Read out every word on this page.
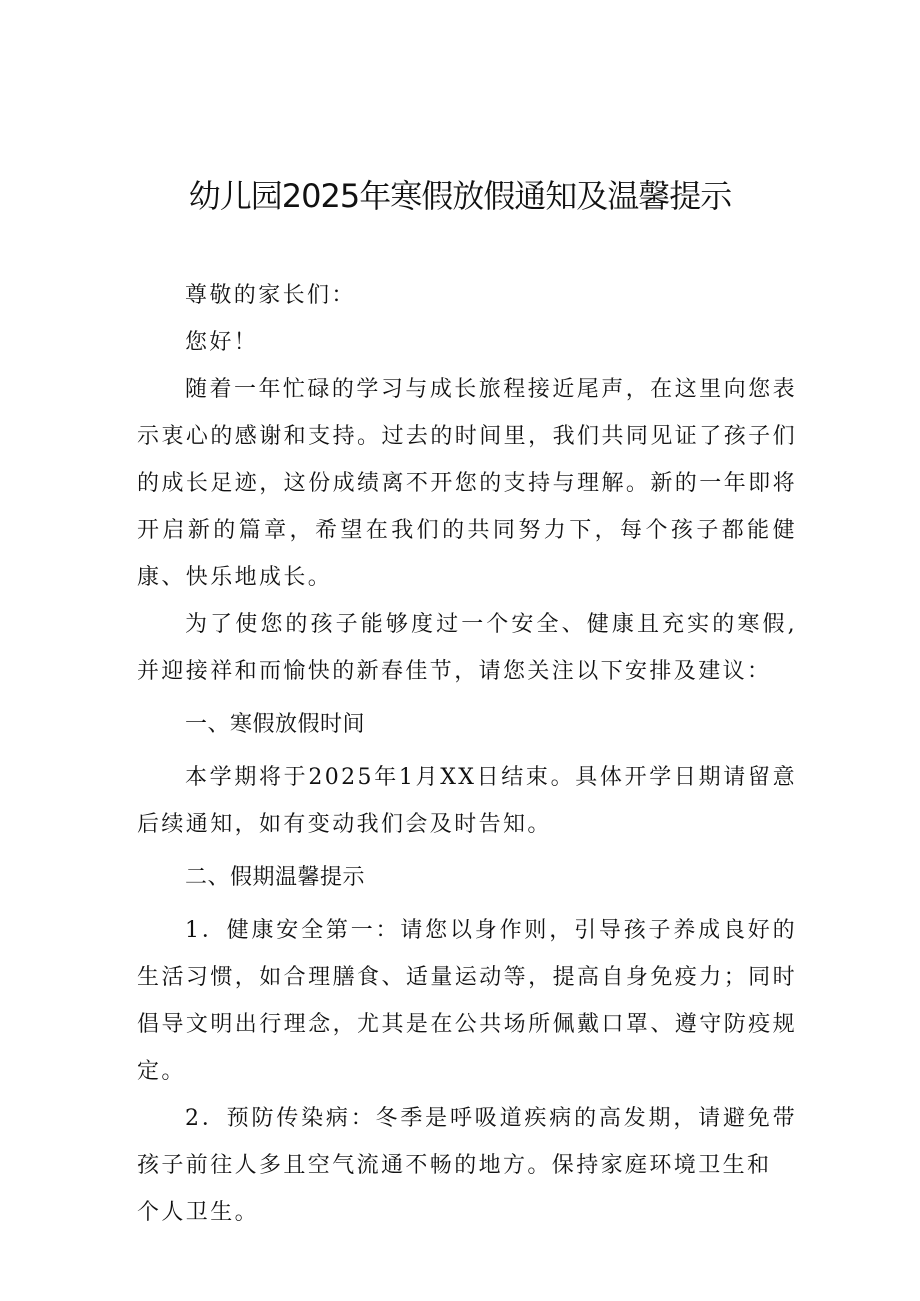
幼儿园2025年寒假放假通知及温馨提示

尊敬的家长们：

您好！

随着一年忙碌的学习与成长旅程接近尾声，在这里向您表示衷心的感谢和支持。过去的时间里，我们共同见证了孩子们的成长足迹，这份成绩离不开您的支持与理解。新的一年即将开启新的篇章，希望在我们的共同努力下，每个孩子都能健康、快乐地成长。

为了使您的孩子能够度过一个安全、健康且充实的寒假,并迎接祥和而愉快的新春佳节，请您关注以下安排及建议：

一、寒假放假时间

本学期将于2025年1月XX日结束。具体开学日期请留意后续通知，如有变动我们会及时告知。

二、假期温馨提示

1．健康安全第一：请您以身作则，引导孩子养成良好的生活习惯，如合理膳食、适量运动等，提高自身免疫力；同时倡导文明出行理念，尤其是在公共场所佩戴口罩、遵守防疫规定。

2．预防传染病：冬季是呼吸道疾病的高发期，请避免带孩子前往人多且空气流通不畅的地方。保持家庭环境卫生和

个人卫生。
